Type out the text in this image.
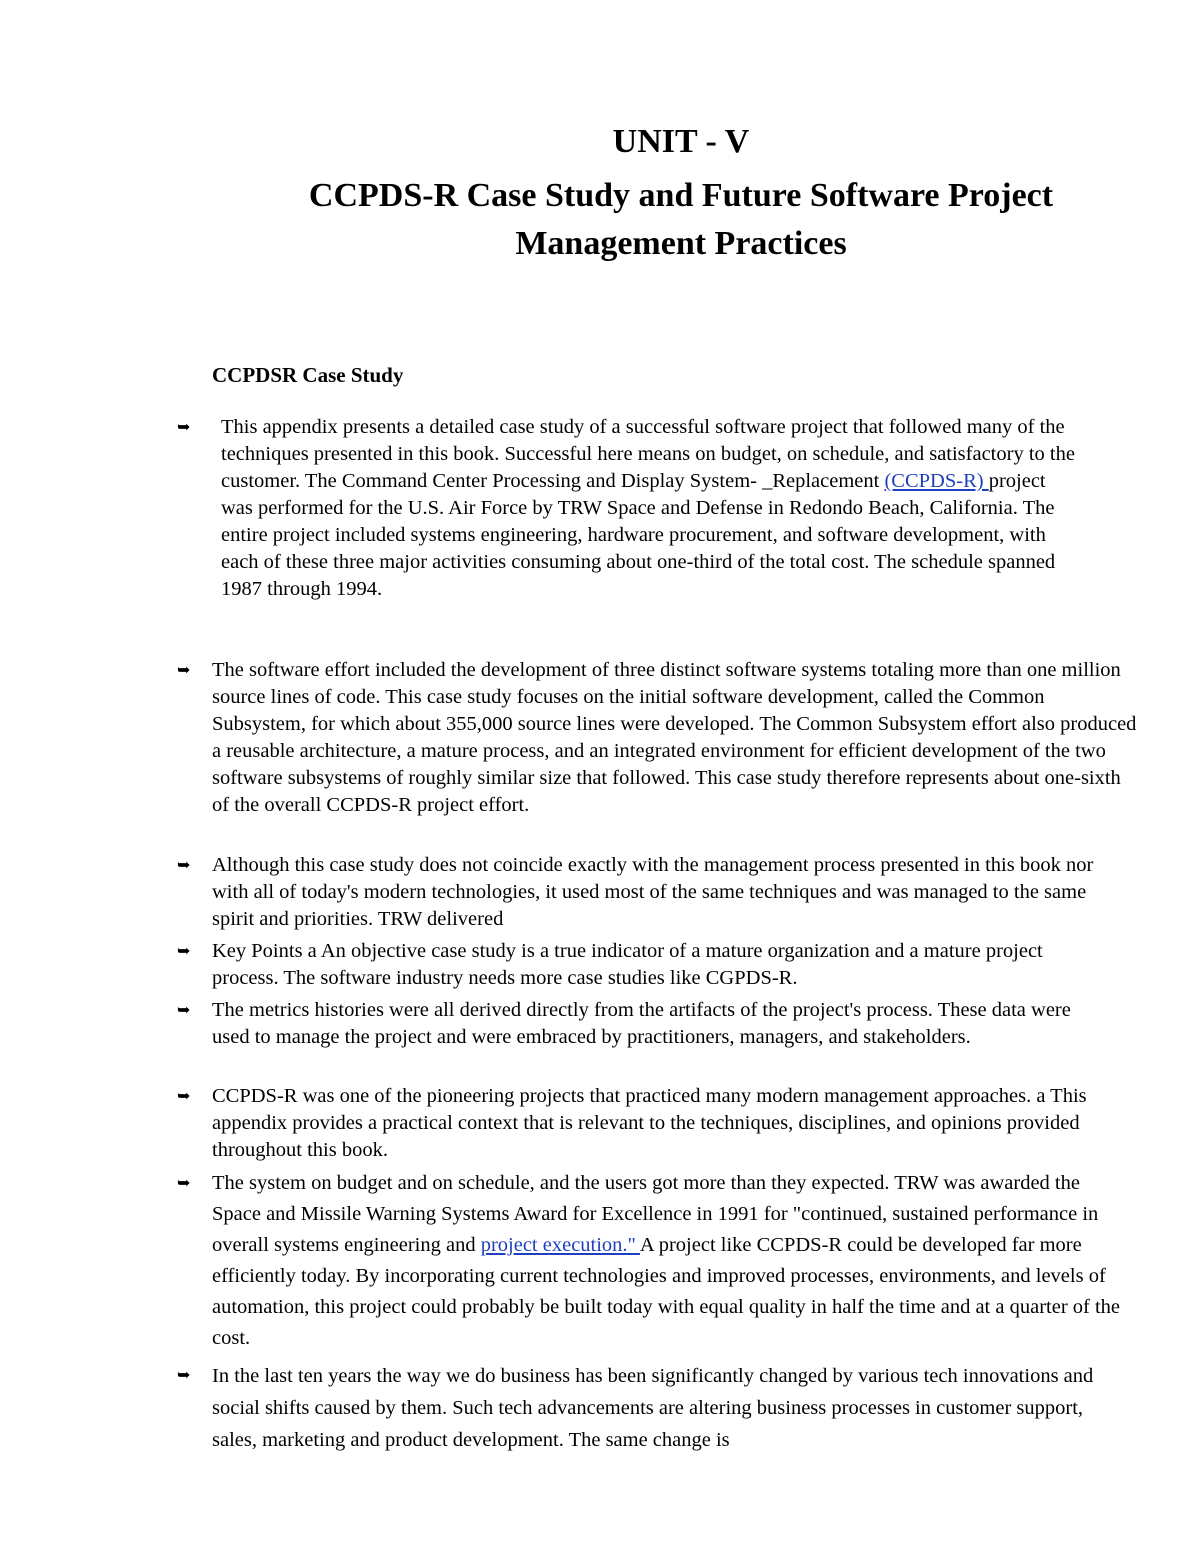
UNIT - V
CCPDS-R Case Study and Future Software Project
Management Practices
CCPDSR Case Study
➥ This appendix presents a detailed case study of a successful software project that followed many of the techniques presented in this book. Successful here means on budget, on schedule, and satisfactory to the customer. The Command Center Processing and Display System- _Replacement (CCPDS-R) project was performed for the U.S. Air Force by TRW Space and Defense in Redondo Beach, California. The entire project included systems engineering, hardware procurement, and software development, with each of these three major activities consuming about one-third of the total cost. The schedule spanned 1987 through 1994.
➥ The software effort included the development of three distinct software systems totaling more than one million source lines of code. This case study focuses on the initial software development, called the Common Subsystem, for which about 355,000 source lines were developed. The Common Subsystem effort also produced a reusable architecture, a mature process, and an integrated environment for efficient development of the two software subsystems of roughly similar size that followed. This case study therefore represents about one-sixth of the overall CCPDS-R project effort.
➥ Although this case study does not coincide exactly with the management process presented in this book nor with all of today's modern technologies, it used most of the same techniques and was managed to the same spirit and priorities. TRW delivered
➥ Key Points a An objective case study is a true indicator of a mature organization and a mature project process. The software industry needs more case studies like CGPDS-R.
➥ The metrics histories were all derived directly from the artifacts of the project's process. These data were used to manage the project and were embraced by practitioners, managers, and stakeholders.
➥ CCPDS-R was one of the pioneering projects that practiced many modern management approaches. a This appendix provides a practical context that is relevant to the techniques, disciplines, and opinions provided throughout this book.
➥ The system on budget and on schedule, and the users got more than they expected. TRW was awarded the Space and Missile Warning Systems Award for Excellence in 1991 for "continued, sustained performance in overall systems engineering and project execution." A project like CCPDS-R could be developed far more efficiently today. By incorporating current technologies and improved processes, environments, and levels of automation, this project could probably be built today with equal quality in half the time and at a quarter of the cost.
➥ In the last ten years the way we do business has been significantly changed by various tech innovations and social shifts caused by them. Such tech advancements are altering business processes in customer support, sales, marketing and product development. The same change is
